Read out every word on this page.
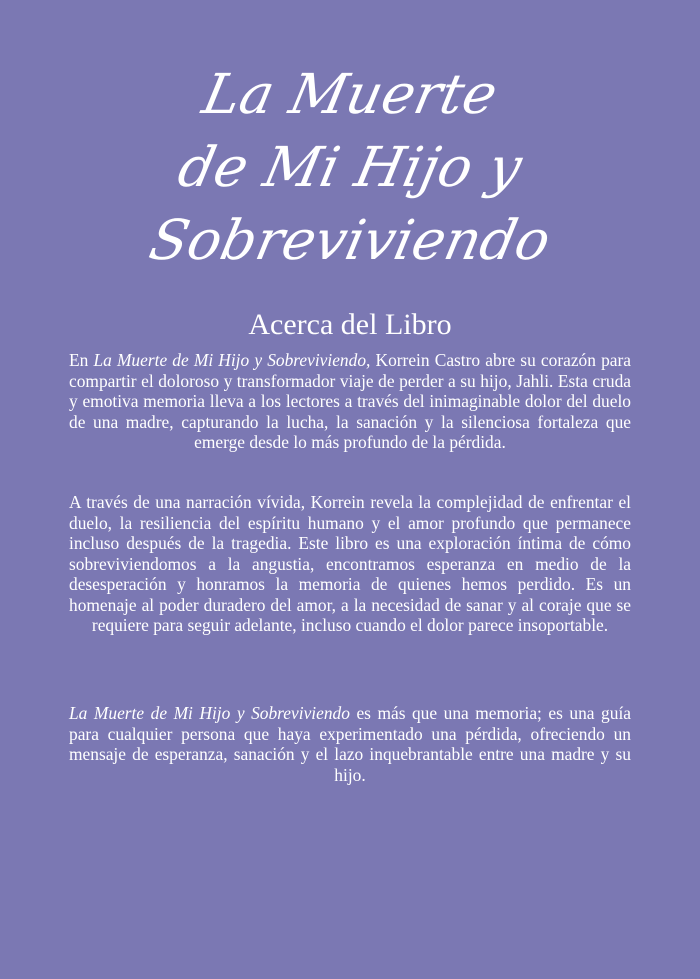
La Muerte
de Mi Hijo y
Sobreviviendo
Acerca del Libro
En La Muerte de Mi Hijo y Sobreviviendo, Korrein Castro abre su corazón para compartir el doloroso y transformador viaje de perder a su hijo, Jahli. Esta cruda y emotiva memoria lleva a los lectores a través del inimaginable dolor del duelo de una madre, capturando la lucha, la sanación y la silenciosa fortaleza que emerge desde lo más profundo de la pérdida.
A través de una narración vívida, Korrein revela la complejidad de enfrentar el duelo, la resiliencia del espíritu humano y el amor profundo que permanece incluso después de la tragedia. Este libro es una exploración íntima de cómo sobreviviendomos a la angustia, encontramos esperanza en medio de la desesperación y honramos la memoria de quienes hemos perdido. Es un homenaje al poder duradero del amor, a la necesidad de sanar y al coraje que se requiere para seguir adelante, incluso cuando el dolor parece insoportable.
La Muerte de Mi Hijo y Sobreviviendo es más que una memoria; es una guía para cualquier persona que haya experimentado una pérdida, ofreciendo un mensaje de esperanza, sanación y el lazo inquebrantable entre una madre y su hijo.
